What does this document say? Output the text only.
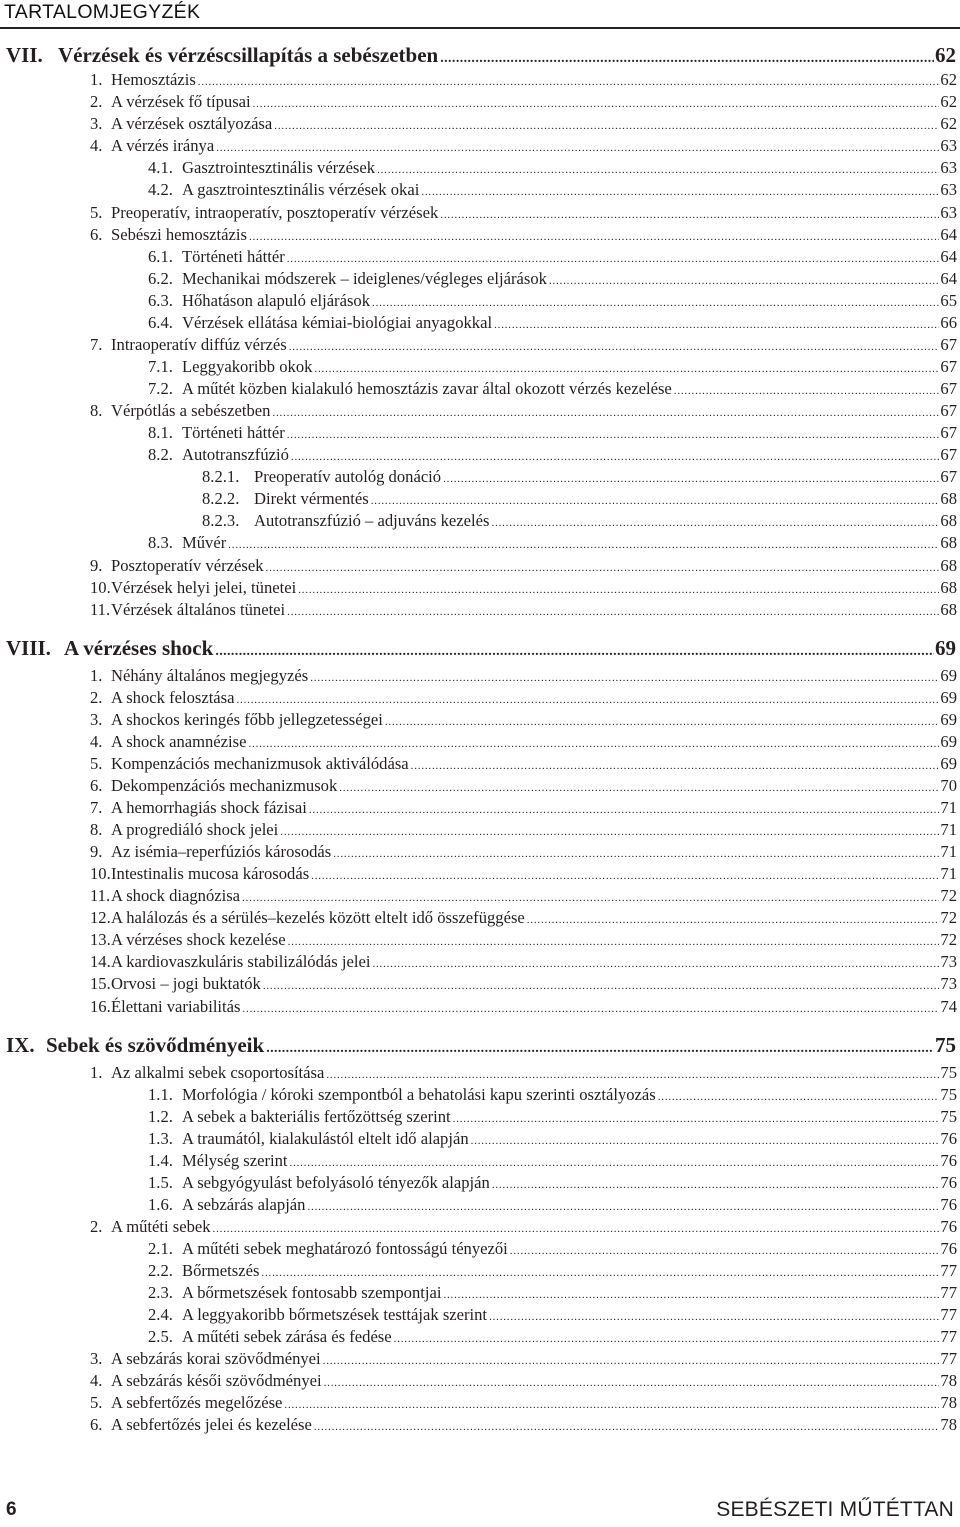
TARTALOMJEGYZÉK
VII. Vérzések és vérzéscsillapítás a sebészetben .....	62
1. Hemosztázis .....	62
2. A vérzések fő típusai .....	62
3. A vérzések osztályozása .....	62
4. A vérzés iránya .....	63
4.1. Gasztrointesztinális vérzések .....	63
4.2. A gasztrointesztinális vérzések okai .....	63
5. Preoperatív, intraoperatív, posztoperatív vérzések .....	63
6. Sebészi hemosztázis .....	64
6.1. Történeti háttér .....	64
6.2. Mechanikai módszerek – ideiglenes/végleges eljárások .....	64
6.3. Hőhatáson alapuló eljárások .....	65
6.4. Vérzések ellátása kémiai-biológiai anyagokkal .....	66
7. Intraoperatív diffúz vérzés .....	67
7.1. Leggyakoribb okok .....	67
7.2. A műtét közben kialakuló hemosztázis zavar által okozott vérzés kezelése .....	67
8. Vérpótlás a sebészetben .....	67
8.1. Történeti háttér .....	67
8.2. Autotranszfúzió .....	67
8.2.1. Preoperatív autológ donáció .....	67
8.2.2. Direkt vérmentés .....	68
8.2.3. Autotranszfúzió – adjuváns kezelés .....	68
8.3. Művér .....	68
9. Posztoperatív vérzések .....	68
10. Vérzések helyi jelei, tünetei .....	68
11. Vérzések általános tünetei .....	68
VIII. A vérzéses shock .....	69
1. Néhány általános megjegyzés .....	69
2. A shock felosztása .....	69
3. A shockos keringés főbb jellegzetességei .....	69
4. A shock anamnézise .....	69
5. Kompenzációs mechanizmusok aktiválódása .....	69
6. Dekompenzációs mechanizmusok .....	70
7. A hemorrhagiás shock fázisai .....	71
8. A progrediáló shock jelei .....	71
9. Az isémia–reperfúziós károsodás .....	71
10. Intestinalis mucosa károsodás .....	71
11. A shock diagnózisa .....	72
12. A halálozás és a sérülés–kezelés között eltelt idő összefüggése .....	72
13. A vérzéses shock kezelése .....	72
14. A kardiovaszkuláris stabilizálódás jelei .....	73
15. Orvosi – jogi buktatók .....	73
16. Élettani variabilitás .....	74
IX. Sebek és szövődményeik .....	75
1. Az alkalmi sebek csoportosítása .....	75
1.1. Morfológia / kóroki szempontból a behatolási kapu szerinti osztályozás .....	75
1.2. A sebek a bakteriális fertőzöttség szerint .....	75
1.3. A traumától, kialakulástól eltelt idő alapján .....	76
1.4. Mélység szerint .....	76
1.5. A sebgyógyulást befolyásoló tényezők alapján .....	76
1.6. A sebzárás alapján .....	76
2. A műtéti sebek .....	76
2.1. A műtéti sebek meghatározó fontosságú tényezői .....	76
2.2. Bőrmetszés .....	77
2.3. A bőrmetszések fontosabb szempontjai .....	77
2.4. A leggyakoribb bőrmetszések testtájak szerint .....	77
2.5. A műtéti sebek zárása és fedése .....	77
3. A sebzárás korai szövődményei .....	77
4. A sebzárás késői szövődményei .....	78
5. A sebfertőzés megelőzése .....	78
6. A sebfertőzés jelei és kezelése .....	78
6	SEBÉSZETI MŰTÉTTAN
